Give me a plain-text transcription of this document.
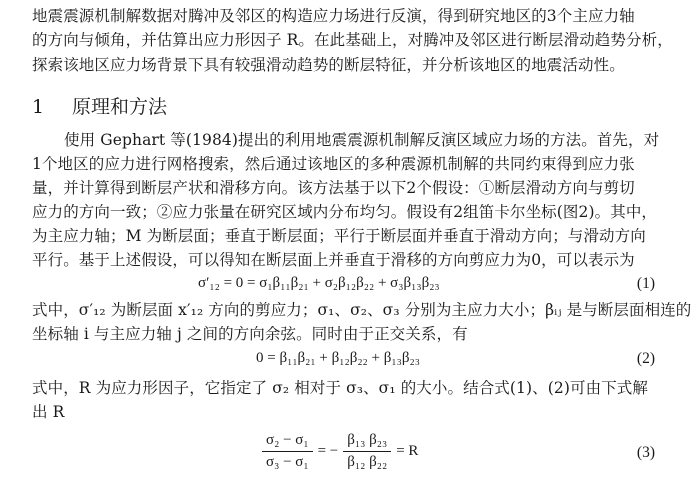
地震震源机制解数据对腾冲及邻区的构造应力场进行反演，得到研究地区的3个主应力轴
的方向与倾角，并估算出应力形因子 R。在此基础上，对腾冲及邻区进行断层滑动趋势分析，
探索该地区应力场背景下具有较强滑动趋势的断层特征，并分析该地区的地震活动性。
1 原理和方法
使用 Gephart 等(1984)提出的利用地震震源机制解反演区域应力场的方法。首先，对
1个地区的应力进行网格搜索，然后通过该地区的多种震源机制解的共同约束得到应力张
量，并计算得到断层产状和滑移方向。该方法基于以下2个假设：①断层滑动方向与剪切
应力的方向一致；②应力张量在研究区域内分布均匀。假设有2组笛卡尔坐标(图2)。其中，
为主应力轴；M 为断层面；垂直于断层面；平行于断层面并垂直于滑动方向；与滑动方向
平行。基于上述假设，可以得知在断层面上并垂直于滑移的方向剪应力为0，可以表示为
σ′₁₂ = 0 = σ₁β₁₁β₂₁ + σ₂β₁₂β₂₂ + σ₃β₁₃β₂₃	(1)
式中，σ′₁₂ 为断层面 x′₁₂ 方向的剪应力；σ₁、σ₂、σ₃ 分别为主应力大小；βᵢⱼ 是与断层面相连的
坐标轴 i 与主应力轴 j 之间的方向余弦。同时由于正交关系，有
0 = β₁₁β₂₁ + β₁₂β₂₂ + β₁₃β₂₃	(2)
式中，R 为应力形因子，它指定了 σ₂ 相对于 σ₃、σ₁ 的大小。结合式(1)、(2)可由下式解
出 R
$\frac{\text{σ₂ − σ₁}}{\text{σ₃ − σ₁}}$ = − $\frac{\text{β₁₃ β₂₃}}{\text{β₁₂ β₂₂}} = R$	(3)
